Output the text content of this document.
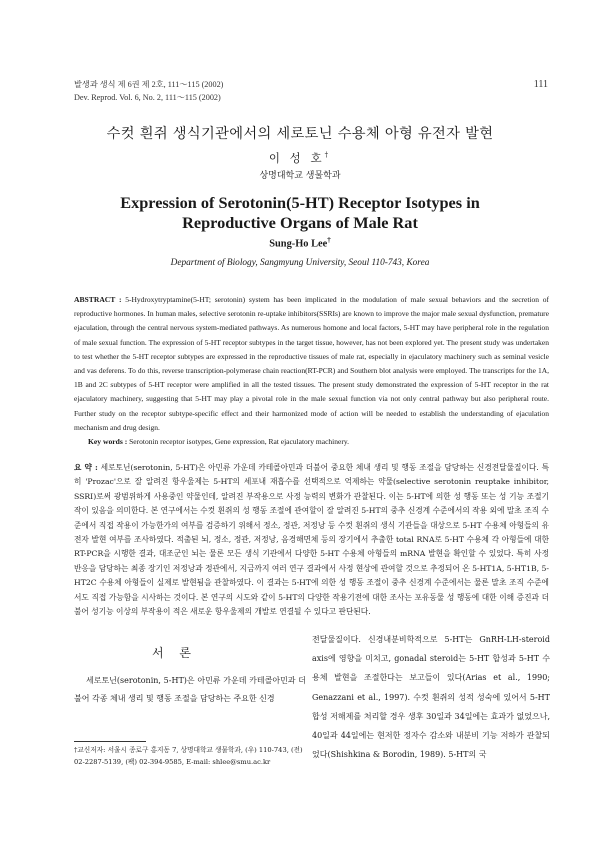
발생과 생식 제 6권 제 2호, 111～115 (2002)
Dev. Reprod. Vol. 6, No. 2, 111～115 (2002)
111
수컷 흰쥐 생식기관에서의 세로토닌 수용체 아형 유전자 발현
이 성 호†
상명대학교 생물학과
Expression of Serotonin(5-HT) Receptor Isotypes in
Reproductive Organs of Male Rat
Sung-Ho Lee†
Department of Biology, Sangmyung University, Seoul 110-743, Korea
ABSTRACT : 5-Hydroxytryptamine(5-HT; serotonin) system has been implicated in the modulation of male sexual behaviors and the secretion of reproductive hormones. In human males, selective serotonin re-uptake inhibitors(SSRIs) are known to improve the major male sexual dysfunction, premature ejaculation, through the central nervous system-mediated pathways. As numerous homone and local factors, 5-HT may have peripheral role in the regulation of male sexual function. The expression of 5-HT receptor subtypes in the target tissue, however, has not been explored yet. The present study was undertaken to test whether the 5-HT receptor subtypes are expressed in the reproductive tissues of male rat, especially in ejaculatory machinery such as seminal vesicle and vas deferens. To do this, reverse transcription-polymerase chain reaction(RT-PCR) and Southern blot analysis were employed. The transcripts for the 1A, 1B and 2C subtypes of 5-HT receptor were amplified in all the tested tissues. The present study demonstrated the expression of 5-HT receptor in the rat ejaculatory machinery, suggesting that 5-HT may play a pivotal role in the male sexual function via not only central pathway but also peripheral route. Further study on the receptor subtype-specific effect and their harmonized mode of action will be needed to establish the understanding of ejaculation mechanism and drug design.
Key words : Serotonin receptor isotypes, Gene expression, Rat ejaculatory machinery.
요 약 : 세로토닌(serotonin, 5-HT)은 아민류 가운데 카테콜아민과 더불어 중요한 체내 생리 및 행동 조절을 담당하는 신경전달물질이다. 특히 'Prozac'으로 잘 알려진 항우울제는 5-HT의 세포내 재흡수를 선택적으로 억제하는 약물(selective serotonin reuptake inhibitor, SSRI)로써 광범위하게 사용중인 약물인데, 알려진 부작용으로 사정 능력의 변화가 관찰된다. 이는 5-HT에 의한 성 행동 또는 성 기능 조절기작이 있음을 의미한다. 본 연구에서는 수컷 흰쥐의 성 행동 조절에 관여할이 잘 알려진 5-HT의 중추 신경계 수준에서의 작용 외에 말초 조직 수준에서 직접 작용이 가능한가의 여부를 검증하기 위해서 정소, 정관, 저정낭 등 수컷 흰쥐의 생식 기관들을 대상으로 5-HT 수용체 아형들의 유전자 발현 여부를 조사하였다. 적출된 뇌, 정소, 정관, 저정낭, 음경해면체 등의 장기에서 추출한 total RNA로 5-HT 수용체 각 아형들에 대한 RT-PCR을 시행한 결과, 대조군인 뇌는 물론 모든 생식 기관에서 다양한 5-HT 수용체 아형들의 mRNA 발현을 확인할 수 있었다. 특히 사정 반응을 담당하는 최종 장기인 저정낭과 정관에서, 지금까지 여러 연구 결과에서 사정 현상에 관여할 것으로 추정되어 온 5-HT1A, 5-HT1B, 5-HT2C 수용체 아형들이 실제로 발현됨을 관찰하였다. 이 결과는 5-HT에 의한 성 행동 조절이 중추 신경계 수준에서는 물론 말초 조직 수준에서도 직접 가능함을 시사하는 것이다. 본 연구의 시도와 같이 5-HT의 다양한 작용기전에 대한 조사는 포유동물 성 행동에 대한 이해 증진과 더불어 성기능 이상의 부작용이 적은 새로운 항우울제의 개발로 연결될 수 있다고 판단된다.
서 론
세로토닌(serotonin, 5-HT)은 아민류 가운데 카테콜아민과 더불어 각종 체내 생리 및 행동 조절을 담당하는 주요한 신경
†교신저자: 서울시 종로구 홍지동 7, 상명대학교 생물학과, (우) 110-743, (전) 02-2287-5139, (팩) 02-394-9585, E-mail: shlee@smu.ac.kr
전달물질이다. 신경내분비학적으로 5-HT는 GnRH-LH-steroid axis에 영향을 미치고, gonadal steroid는 5-HT 합성과 5-HT 수용체 발현을 조절한다는 보고들이 있다(Arias et al., 1990; Genazzani et al., 1997). 수컷 흰쥐의 성적 성숙에 있어서 5-HT 합성 저해제를 처리할 경우 생후 30일과 34일에는 효과가 없었으나, 40일과 44일에는 현저한 정자수 감소와 내분비 기능 저하가 관찰되었다(Shishkina & Borodin, 1989). 5-HT의 국
